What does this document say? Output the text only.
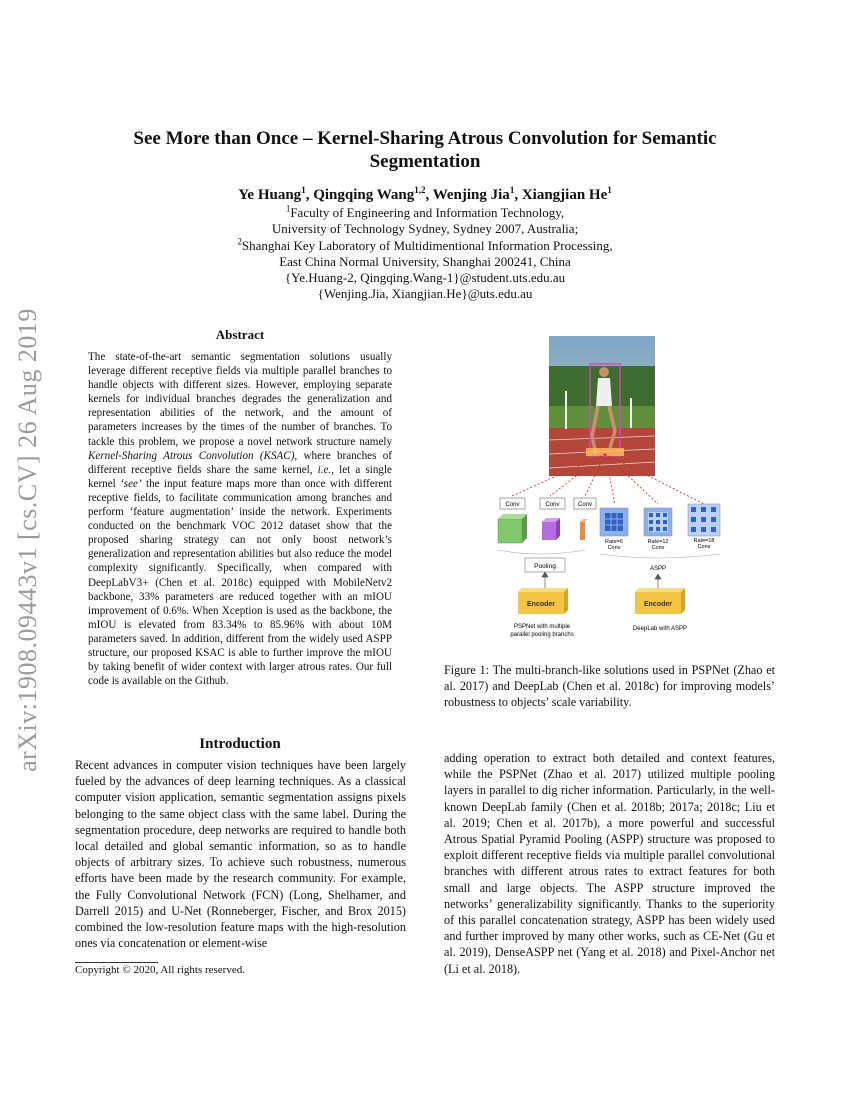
arXiv:1908.09443v1 [cs.CV] 26 Aug 2019
See More than Once – Kernel-Sharing Atrous Convolution for Semantic
Segmentation
Ye Huang$^1$, Qingqing Wang$^{1,2}$, Wenjing Jia$^1$, Xiangjian He$^1$
$^1$Faculty of Engineering and Information Technology,
University of Technology Sydney, Sydney 2007, Australia;
$^2$Shanghai Key Laboratory of Multidimentional Information Processing,
East China Normal University, Shanghai 200241, China
{Ye.Huang-2, Qingqing.Wang-1}@student.uts.edu.au
{Wenjing.Jia, Xiangjian.He}@uts.edu.au
Abstract
The state-of-the-art semantic segmentation solutions usually leverage different receptive fields via multiple parallel branches to handle objects with different sizes. However, employing separate kernels for individual branches degrades the generalization and representation abilities of the network, and the amount of parameters increases by the times of the number of branches. To tackle this problem, we propose a novel network structure namely Kernel-Sharing Atrous Convolution (KSAC), where branches of different receptive fields share the same kernel, i.e., let a single kernel ‘see’ the input feature maps more than once with different receptive fields, to facilitate communication among branches and perform ‘feature augmentation’ inside the network. Experiments conducted on the benchmark VOC 2012 dataset show that the proposed sharing strategy can not only boost network’s generalization and representation abilities but also reduce the model complexity significantly. Specifically, when compared with DeepLabV3+ (Chen et al. 2018c) equipped with MobileNetv2 backbone, 33% parameters are reduced together with an mIOU improvement of 0.6%. When Xception is used as the backbone, the mIOU is elevated from 83.34% to 85.96% with about 10M parameters saved. In addition, different from the widely used ASPP structure, our proposed KSAC is able to further improve the mIOU by taking benefit of wider context with larger atrous rates. Our full code is available on the Github.
Introduction
Recent advances in computer vision techniques have been largely fueled by the advances of deep learning techniques. As a classical computer vision application, semantic segmentation assigns pixels belonging to the same object class with the same label. During the segmentation procedure, deep networks are required to handle both local detailed and global semantic information, so as to handle objects of arbitrary sizes. To achieve such robustness, numerous efforts have been made by the research community. For example, the Fully Convolutional Network (FCN) (Long, Shelhamer, and Darrell 2015) and U-Net (Ronneberger, Fischer, and Brox 2015) combined the low-resolution feature maps with the high-resolution ones via concatenation or element-wise
Copyright © 2020, All rights reserved.
Conv	Conv	Conv
Rate=6
Conv
Rate=12
Conv
Rate=18
Conv
Pooling	ASPP
Encoder	Encoder
PSPNet with multiple
parallel pooling branchs
DeepLab with ASPP
Figure 1: The multi-branch-like solutions used in PSPNet (Zhao et al. 2017) and DeepLab (Chen et al. 2018c) for improving models’ robustness to objects’ scale variability.
adding operation to extract both detailed and context features, while the PSPNet (Zhao et al. 2017) utilized multiple pooling layers in parallel to dig richer information. Particularly, in the well-known DeepLab family (Chen et al. 2018b; 2017a; 2018c; Liu et al. 2019; Chen et al. 2017b), a more powerful and successful Atrous Spatial Pyramid Pooling (ASPP) structure was proposed to exploit different receptive fields via multiple parallel convolutional branches with different atrous rates to extract features for both small and large objects. The ASPP structure improved the networks’ generalizability significantly. Thanks to the superiority of this parallel concatenation strategy, ASPP has been widely used and further improved by many other works, such as CE-Net (Gu et al. 2019), DenseASPP net (Yang et al. 2018) and Pixel-Anchor net (Li et al. 2018).
